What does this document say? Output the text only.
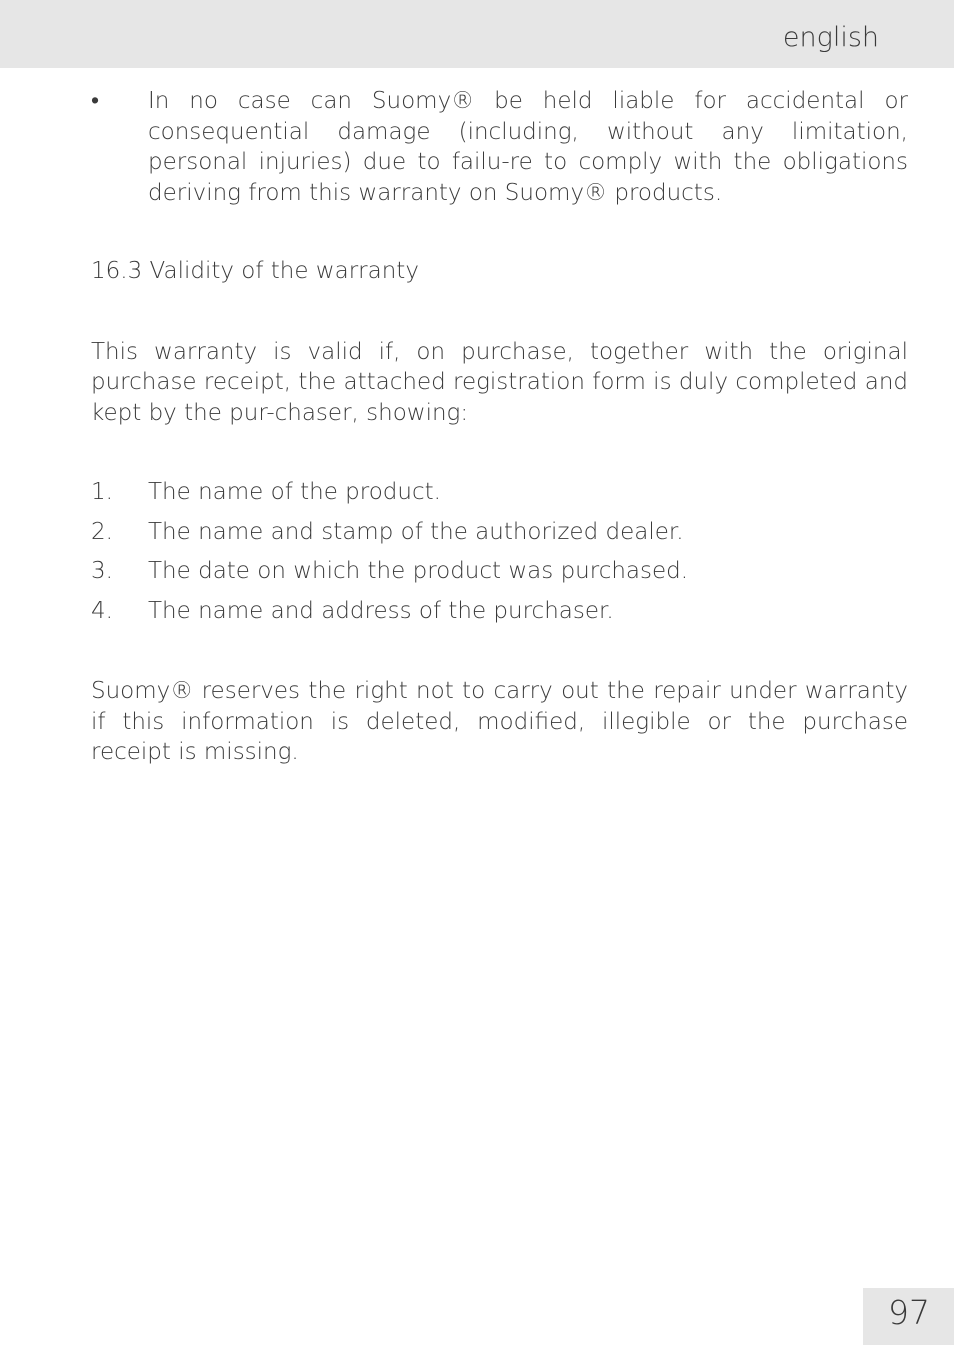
english
•	In no case can Suomy® be held liable for accidental or consequential damage (including, without any limitation, personal injuries) due to failu-re to comply with the obligations deriving from this warranty on Suomy® products.
16.3 Validity of the warranty
This warranty is valid if, on purchase, together with the original purchase receipt, the attached registration form is duly completed and kept by the pur-chaser, showing:
1. The name of the product.
2. The name and stamp of the authorized dealer.
3. The date on which the product was purchased.
4. The name and address of the purchaser.
Suomy® reserves the right not to carry out the repair under warranty if this information is deleted, modified, illegible or the purchase receipt is missing.
97
